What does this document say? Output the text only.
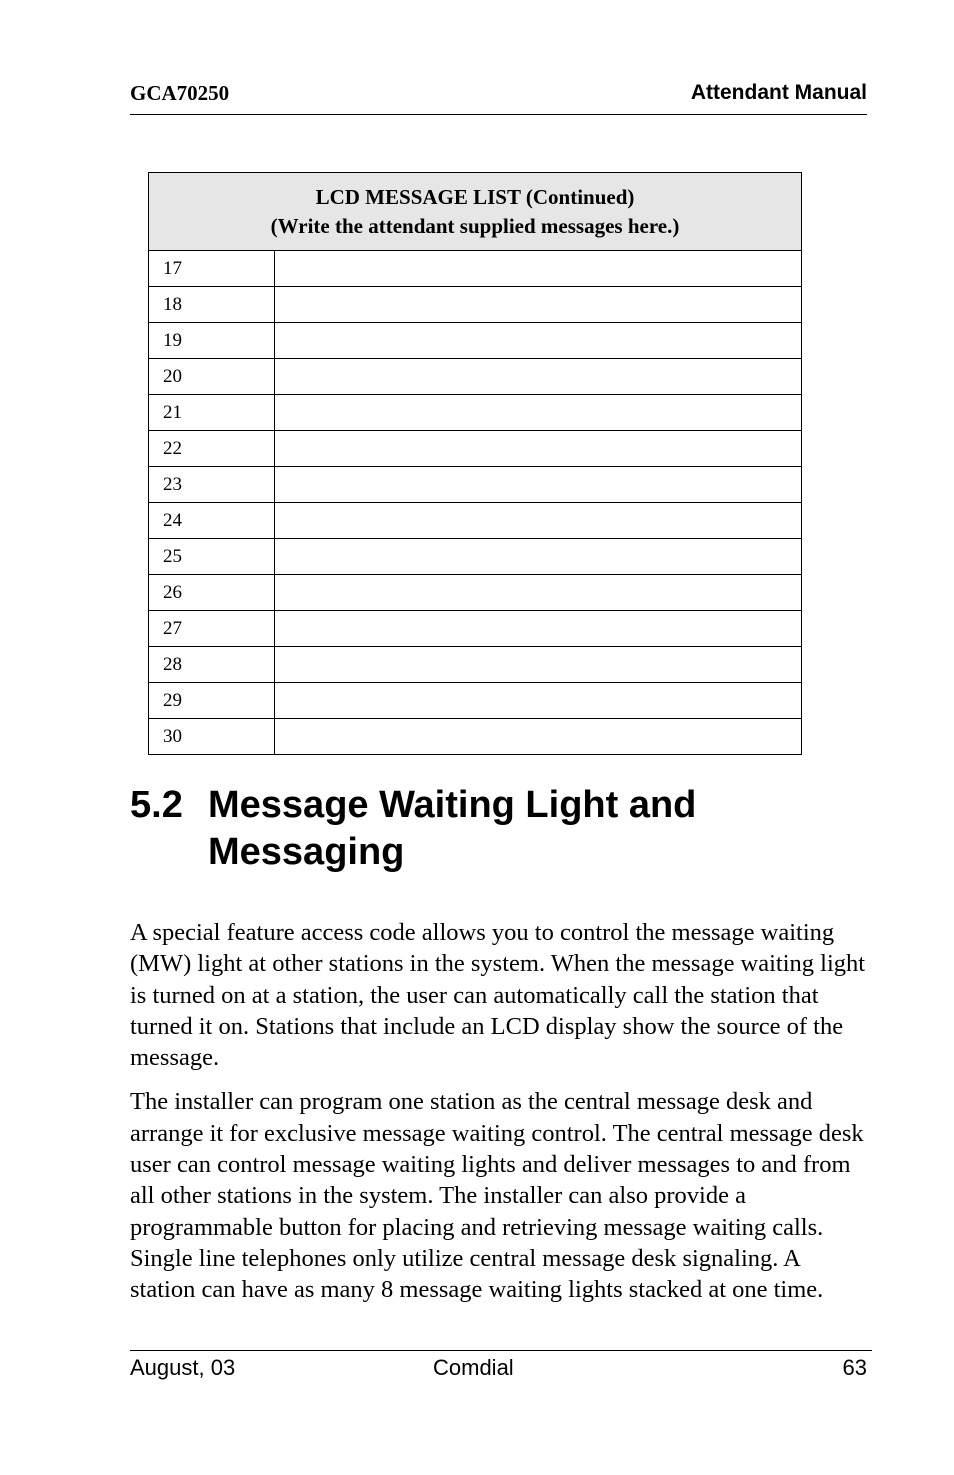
GCA70250	Attendant Manual
LCD MESSAGE LIST (Continued)
(Write the attendant supplied messages here.)	
17	
18	
19	
20	
21	
22	
23	
24	
25	
26	
27	
28	
29	
30	
5.2 Message Waiting Light and
Messaging

A special feature access code allows you to control the message waiting (MW) light at other stations in the system. When the message waiting light is turned on at a station, the user can automatically call the station that turned it on. Stations that include an LCD display show the source of the message.

The installer can program one station as the central message desk and arrange it for exclusive message waiting control. The central message desk user can control message waiting lights and deliver messages to and from all other stations in the system. The installer can also provide a programmable button for placing and retrieving message waiting calls. Single line telephones only utilize central message desk signaling. A station can have as many 8 message waiting lights stacked at one time.

August, 03	Comdial	63
